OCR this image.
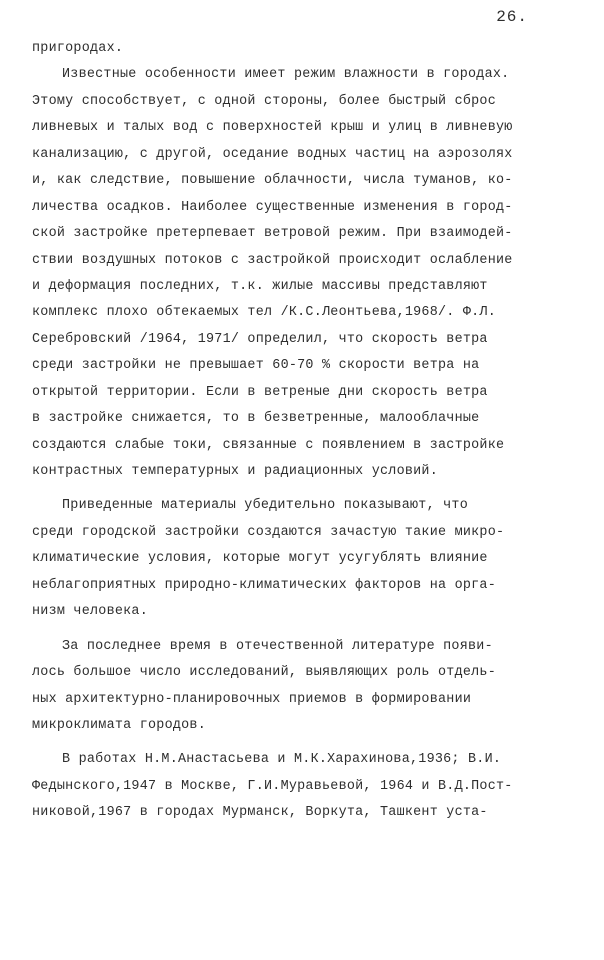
26.
пригородах.
Известные особенности имеет режим влажности в городах.
Этому способствует, с одной стороны, более быстрый сброс
ливневых и талых вод с поверхностей крыш и улиц в ливневую
канализацию, с другой, оседание водных частиц на аэрозолях
и, как следствие, повышение облачности, числа туманов, ко-
личества осадков. Наиболее существенные изменения в город-
ской застройке претерпевает ветровой режим. При взаимодей-
ствии воздушных потоков с застройкой происходит ослабление
и деформация последних, т.к. жилые массивы представляют
комплекс плохо обтекаемых тел /К.С.Леонтьева,1968/. Ф.Л.
Серебровский /1964, 1971/ определил, что скорость ветра
среди застройки не превышает 60-70 % скорости ветра на
открытой территории. Если в ветреные дни скорость ветра
в застройке снижается, то в безветренные, малооблачные
создаются слабые токи, связанные с появлением в застройке
контрастных температурных и радиационных условий.
Приведенные материалы убедительно показывают, что
среди городской застройки создаются зачастую такие микро-
климатические условия, которые могут усугублять влияние
неблагоприятных природно-климатических факторов на орга-
низм человека.
За последнее время в отечественной литературе появи-
лось большое число исследований, выявляющих роль отдель-
ных архитектурно-планировочных приемов в формировании
микроклимата городов.
В работах Н.М.Анастасьева и М.К.Харахинова,1936; В.И.
Федынского,1947 в Москве, Г.И.Муравьевой, 1964 и В.Д.Пост-
никовой,1967 в городах Мурманск, Воркута, Ташкент уста-
